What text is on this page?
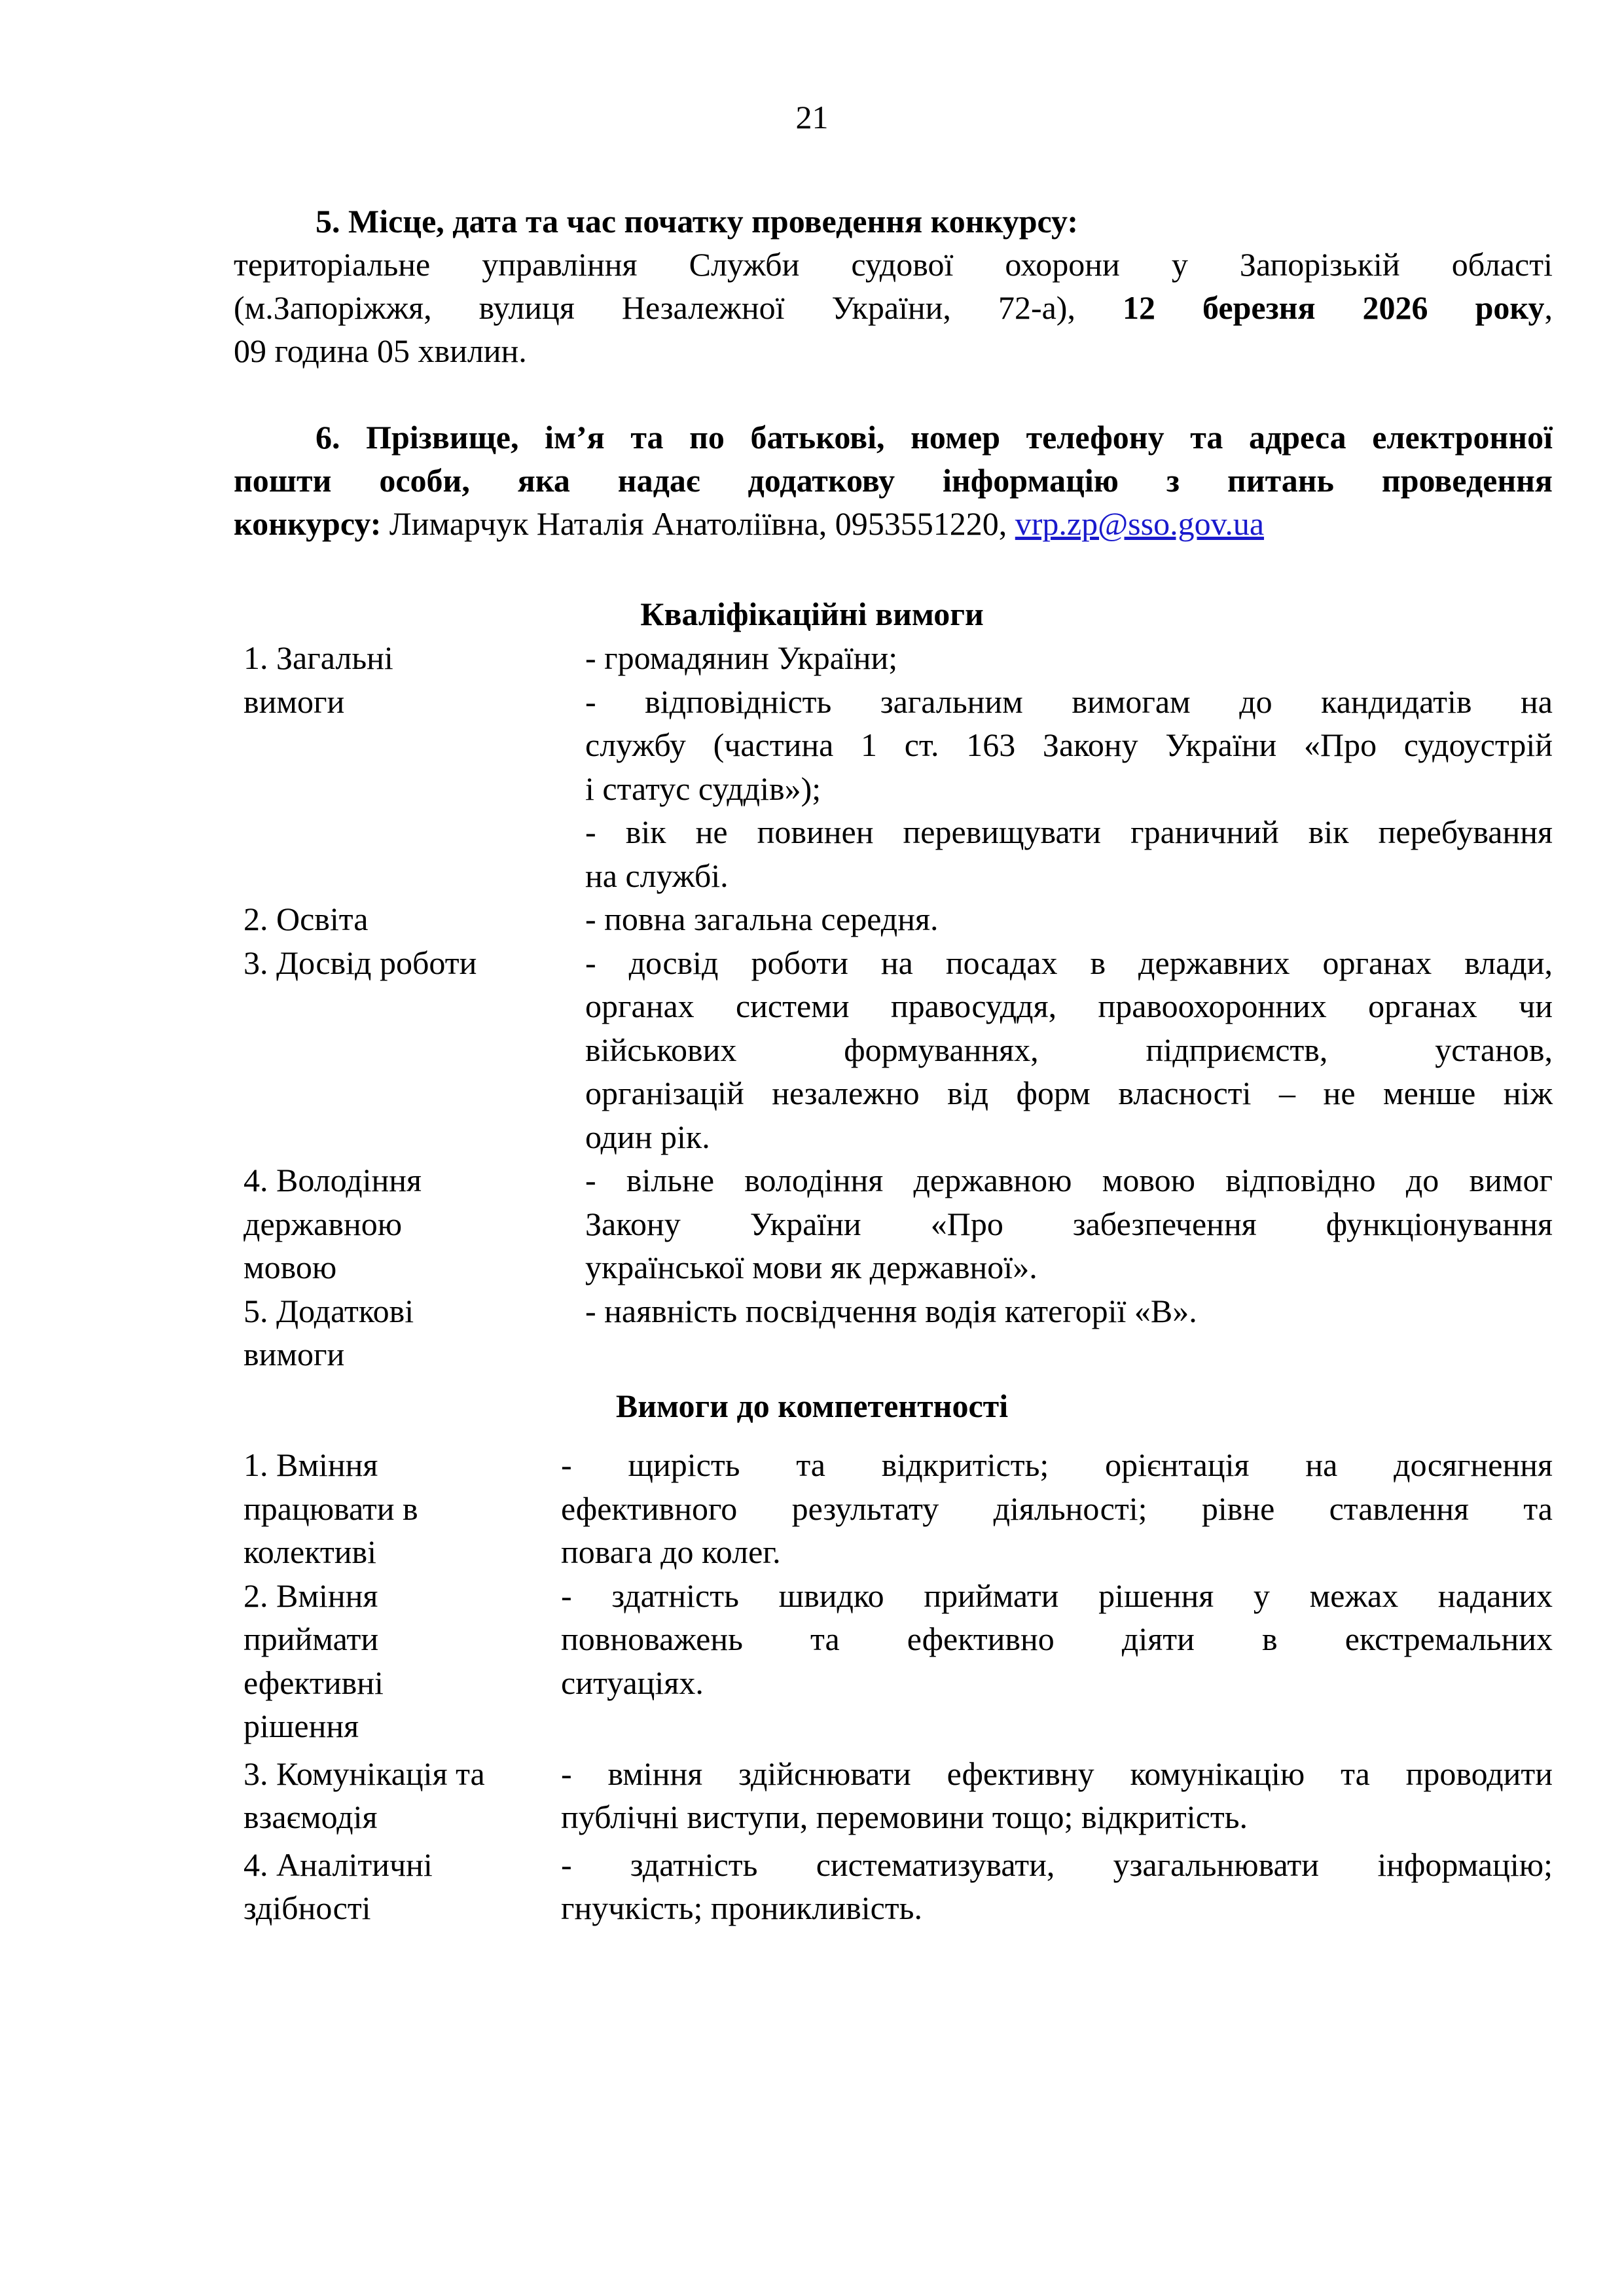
21
5. Місце, дата та час початку проведення конкурсу:
територіальне управління Служби судової охорони у Запорізькій області
(м.Запоріжжя, вулиця Незалежної України, 72-а), 12 березня 2026 року,
09 година 05 хвилин.
6. Прізвище, ім’я та по батькові, номер телефону та адреса електронної
пошти особи, яка надає додаткову інформацію з питань проведення
конкурсу: Лимарчук Наталія Анатоліївна, 0953551220, vrp.zp@sso.gov.ua
Кваліфікаційні вимоги
1. Загальні
вимоги
- громадянин України;
- відповідність загальним вимогам до кандидатів на
службу (частина 1 ст. 163 Закону України «Про судоустрій
і статус суддів»);
- вік не повинен перевищувати граничний вік перебування
на службі.
2. Освіта	- повна загальна середня.
3. Досвід роботи	- досвід роботи на посадах в державних органах влади,
органах системи правосуддя, правоохоронних органах чи
військових формуваннях, підприємств, установ,
організацій незалежно від форм власності – не менше ніж
один рік.
4. Володіння
державною
мовою
- вільне володіння державною мовою відповідно до вимог
Закону України «Про забезпечення функціонування
української мови як державної».
5. Додаткові
вимоги
- наявність посвідчення водія категорії «В».
Вимоги до компетентності
1. Вміння
працювати в
колективі
- щирість та відкритість; орієнтація на досягнення
ефективного результату діяльності; рівне ставлення та
повага до колег.
2. Вміння
приймати
ефективні
рішення
- здатність швидко приймати рішення у межах наданих
повноважень та ефективно діяти в екстремальних
ситуаціях.
3. Комунікація та
взаємодія
- вміння здійснювати ефективну комунікацію та проводити
публічні виступи, перемовини тощо; відкритість.
4. Аналітичні
здібності
- здатність систематизувати, узагальнювати інформацію;
гнучкість; проникливість.
